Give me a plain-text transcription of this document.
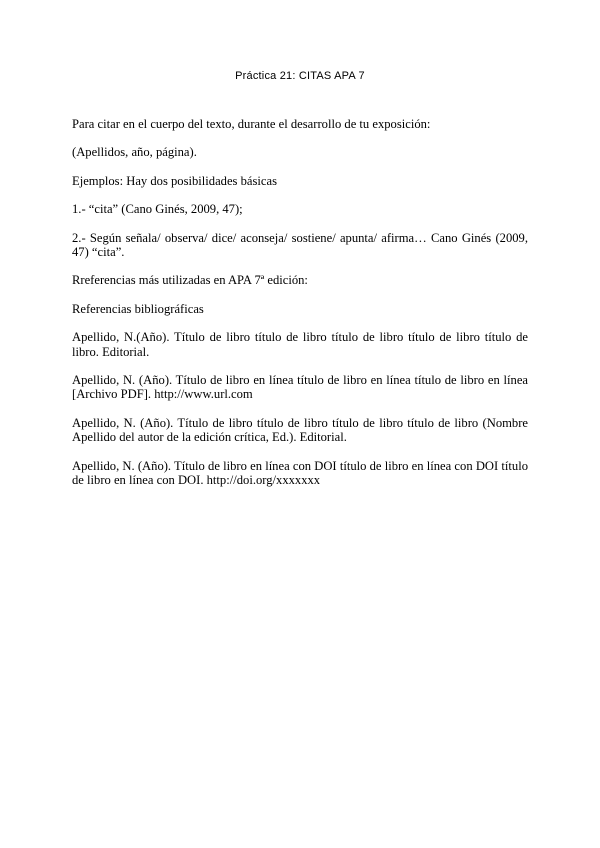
Práctica 21: CITAS APA 7

Para citar en el cuerpo del texto, durante el desarrollo de tu exposición:

(Apellidos, año, página).

Ejemplos: Hay dos posibilidades básicas

1.- “cita” (Cano Ginés, 2009, 47);

2.- Según señala/ observa/ dice/ aconseja/ sostiene/ apunta/ afirma… Cano Ginés (2009, 47) “cita”.

Rreferencias más utilizadas en APA 7ª edición:

Referencias bibliográficas

Apellido, N.(Año). Título de libro título de libro título de libro título de libro título de libro. Editorial.

Apellido, N. (Año). Título de libro en línea título de libro en línea título de libro en línea [Archivo PDF]. http://www.url.com

Apellido, N. (Año). Título de libro título de libro título de libro título de libro (Nombre Apellido del autor de la edición crítica, Ed.). Editorial.

Apellido, N. (Año). Título de libro en línea con DOI título de libro en línea con DOI título de libro en línea con DOI. http://doi.org/xxxxxxx
